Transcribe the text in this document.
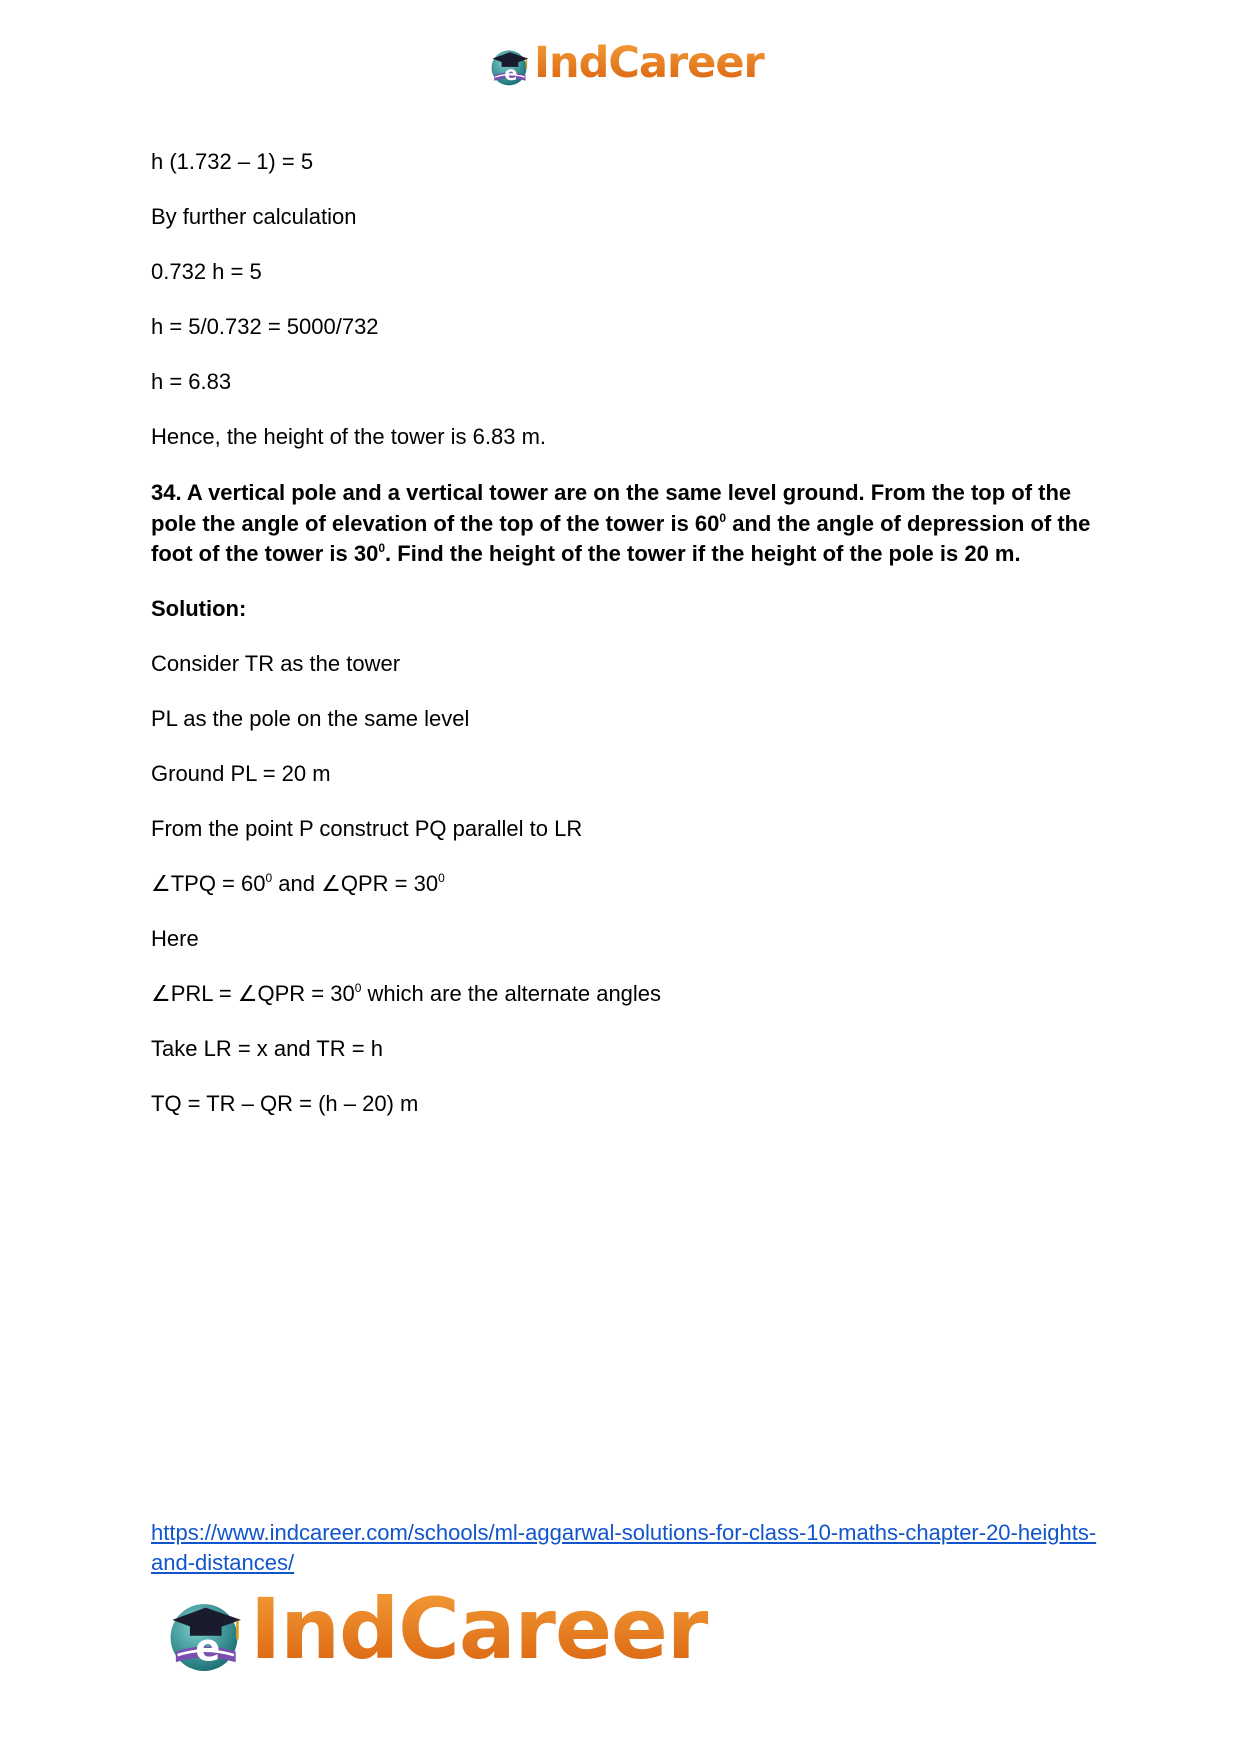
e IndCareer

h (1.732 – 1) = 5

By further calculation

0.732 h = 5

h = 5/0.732 = 5000/732

h = 6.83

Hence, the height of the tower is 6.83 m.

34. A vertical pole and a vertical tower are on the same level ground. From the top of the pole the angle of elevation of the top of the tower is $60^0$ and the angle of depression of the foot of the tower is $30^0$. Find the height of the tower if the height of the pole is 20 m.

Solution:

Consider TR as the tower

PL as the pole on the same level

Ground PL = 20 m

From the point P construct PQ parallel to LR

∠TPQ = $60^0$ and ∠QPR = $30^0$

Here

∠PRL = ∠QPR = $30^0$ which are the alternate angles

Take LR = x and TR = h

TQ = TR – QR = (h – 20) m

https://www.indcareer.com/schools/ml-aggarwal-solutions-for-class-10-maths-chapter-20-heights-and-distances/
e IndCareer
